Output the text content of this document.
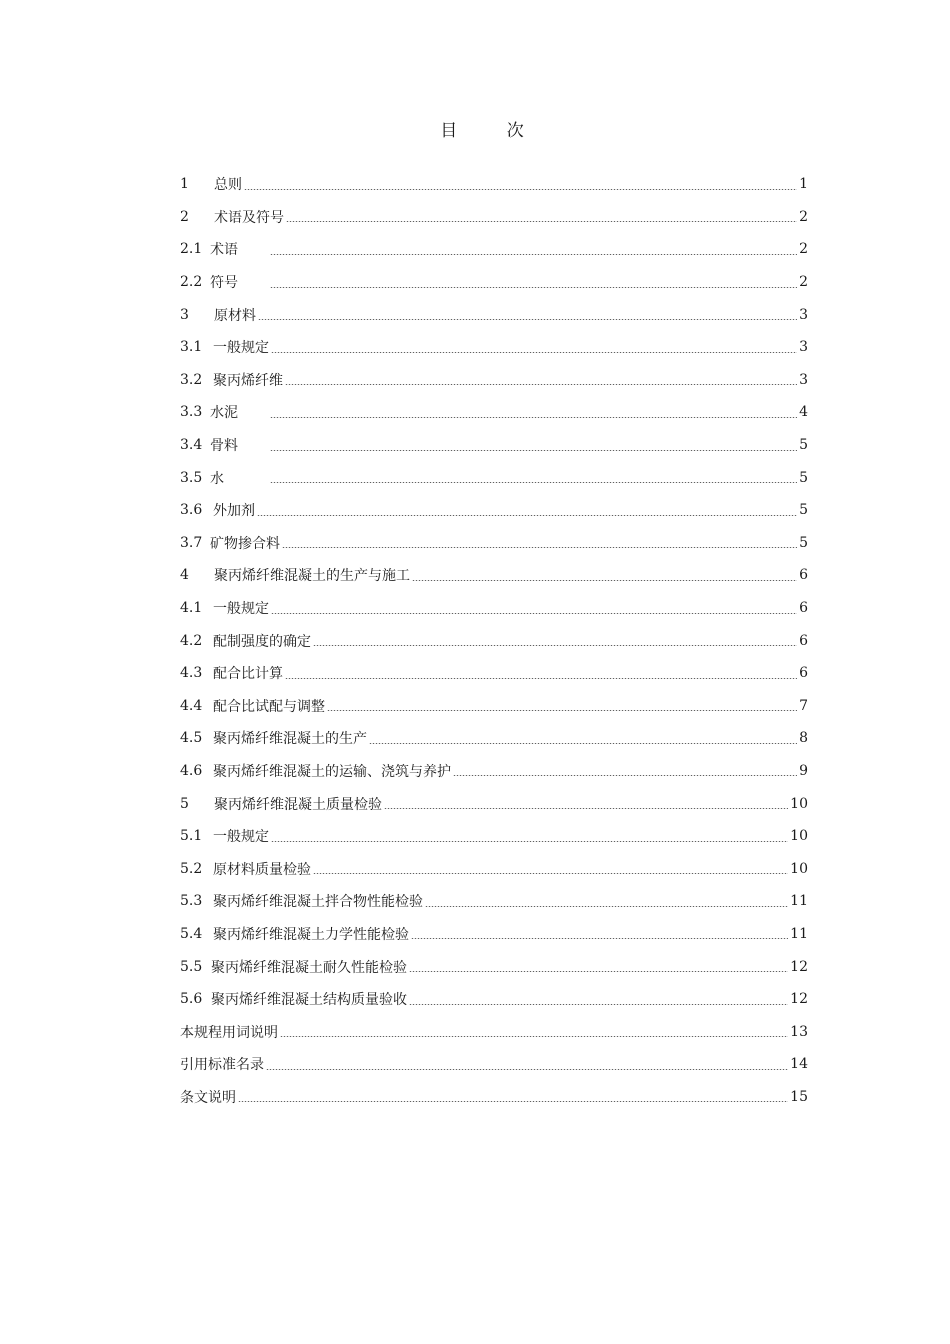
目 次
1	总则	1
2	术语及符号	2
2.1 术语	2
2.2 符号	2
3	原材料	3
3.1 一般规定	3
3.2 聚丙烯纤维	3
3.3 水泥	4
3.4 骨料	5
3.5 水	5
3.6 外加剂	5
3.7 矿物掺合料	5
4	聚丙烯纤维混凝土的生产与施工	6
4.1 一般规定	6
4.2 配制强度的确定	6
4.3 配合比计算	6
4.4 配合比试配与调整	7
4.5 聚丙烯纤维混凝土的生产	8
4.6 聚丙烯纤维混凝土的运输、浇筑与养护	9
5	聚丙烯纤维混凝土质量检验	10
5.1 一般规定	10
5.2 原材料质量检验	10
5.3 聚丙烯纤维混凝土拌合物性能检验	11
5.4 聚丙烯纤维混凝土力学性能检验	11
5.5 聚丙烯纤维混凝土耐久性能检验	12
5.6 聚丙烯纤维混凝土结构质量验收	12
本规程用词说明	13
引用标准名录	14
条文说明	15
